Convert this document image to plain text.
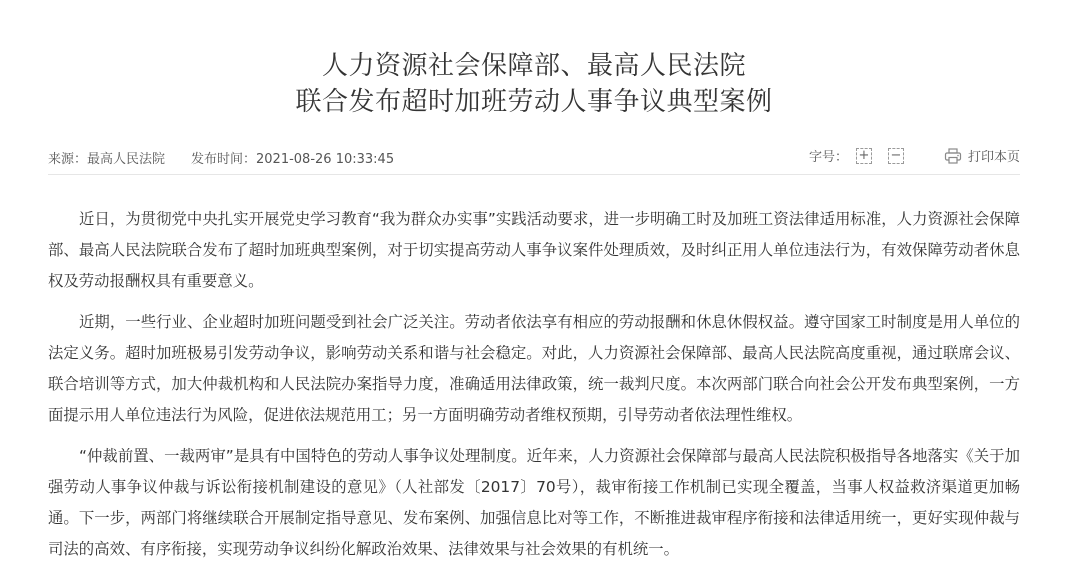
人力资源社会保障部、最高人民法院
联合发布超时加班劳动人事争议典型案例
来源：最高人民法院 发布时间：2021-08-26 10:33:45	字号： + −	打印本页

近日，为贯彻党中央扎实开展党史学习教育“我为群众办实事”实践活动要求，进一步明确工时及加班工资法律适用标准，人力资源社会保障部、最高人民法院联合发布了超时加班典型案例，对于切实提高劳动人事争议案件处理质效，及时纠正用人单位违法行为，有效保障劳动者休息权及劳动报酬权具有重要意义。

近期，一些行业、企业超时加班问题受到社会广泛关注。劳动者依法享有相应的劳动报酬和休息休假权益。遵守国家工时制度是用人单位的法定义务。超时加班极易引发劳动争议，影响劳动关系和谐与社会稳定。对此，人力资源社会保障部、最高人民法院高度重视，通过联席会议、联合培训等方式，加大仲裁机构和人民法院办案指导力度，准确适用法律政策，统一裁判尺度。本次两部门联合向社会公开发布典型案例，一方面提示用人单位违法行为风险，促进依法规范用工；另一方面明确劳动者维权预期，引导劳动者依法理性维权。

“仲裁前置、一裁两审”是具有中国特色的劳动人事争议处理制度。近年来，人力资源社会保障部与最高人民法院积极指导各地落实《关于加强劳动人事争议仲裁与诉讼衔接机制建设的意见》（人社部发〔2017〕70号），裁审衔接工作机制已实现全覆盖，当事人权益救济渠道更加畅通。下一步，两部门将继续联合开展制定指导意见、发布案例、加强信息比对等工作，不断推进裁审程序衔接和法律适用统一，更好实现仲裁与司法的高效、有序衔接，实现劳动争议纠纷化解政治效果、法律效果与社会效果的有机统一。
